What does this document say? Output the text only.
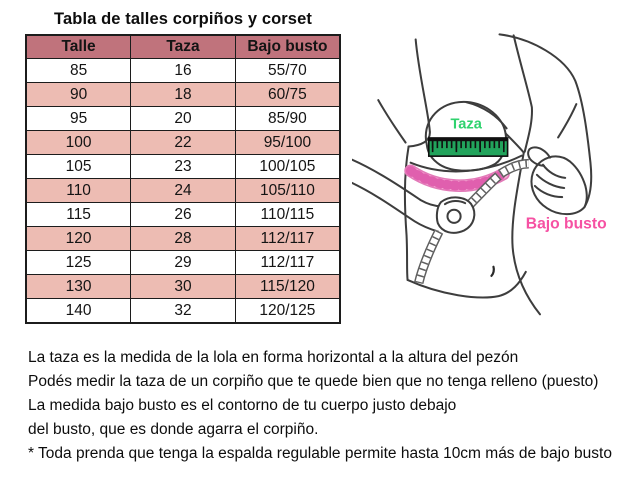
Tabla de talles corpiños y corset
Talle	Taza	Bajo busto
85	16	55/70
90	18	60/75
95	20	85/90
100	22	95/100
105	23	100/105
110	24	105/110
115	26	110/115
120	28	112/117
125	29	112/117
130	30	115/120
140	32	120/125
Taza
Bajo busto
La taza es la medida de la lola en forma horizontal a la altura del pezón
Podés medir la taza de un corpiño que te quede bien que no tenga relleno (puesto)
La medida bajo busto es el contorno de tu cuerpo justo debajo
del busto, que es donde agarra el corpiño.
* Toda prenda que tenga la espalda regulable permite hasta 10cm más de bajo busto
